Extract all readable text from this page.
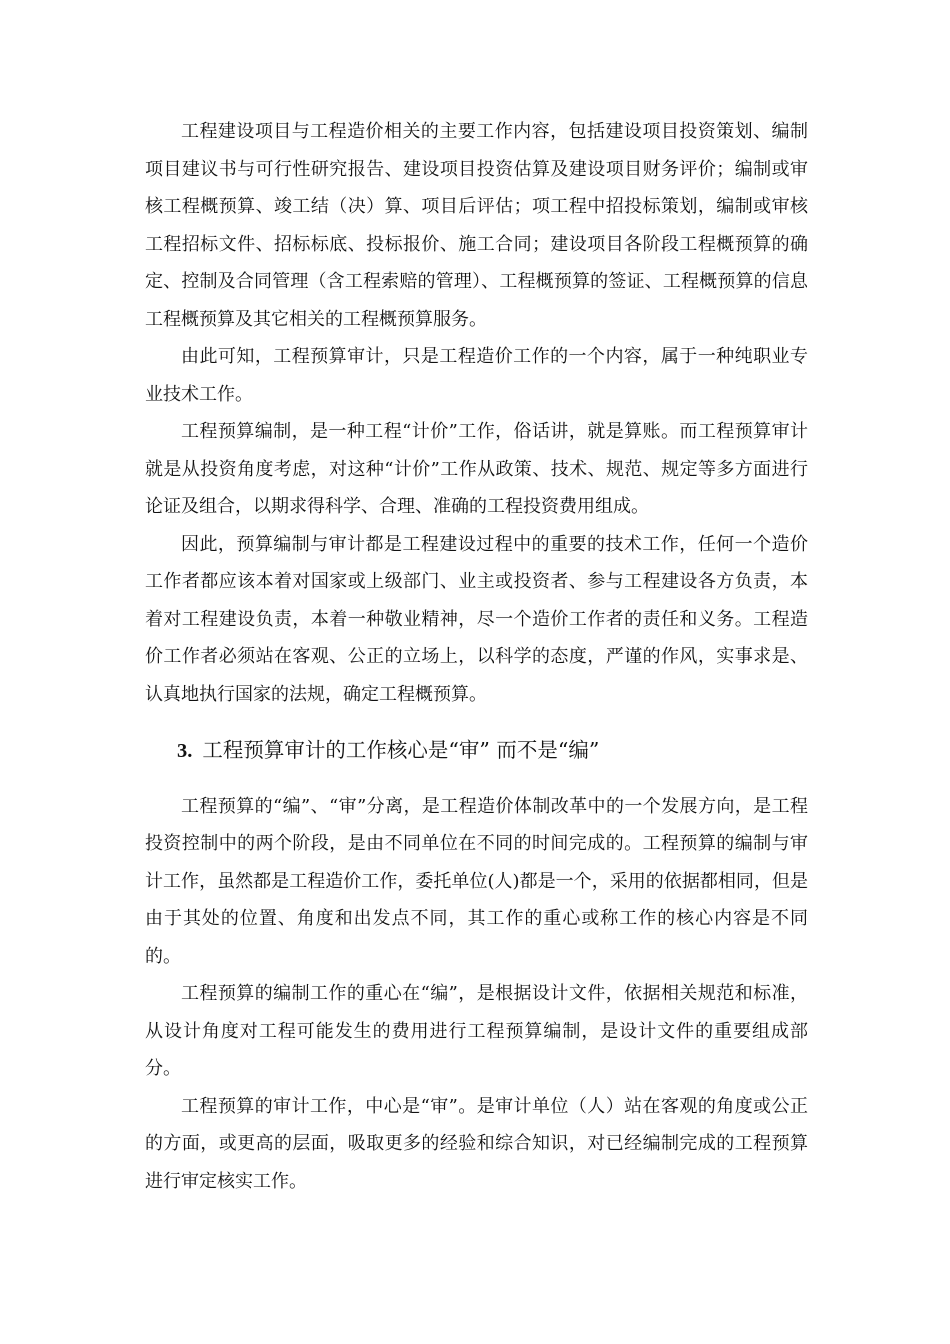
工程建设项目与工程造价相关的主要工作内容，包括建设项目投资策划、编制项目建议书与可行性研究报告、建设项目投资估算及建设项目财务评价；编制或审核工程概预算、竣工结（决）算、项目后评估；项工程中招投标策划，编制或审核工程招标文件、招标标底、投标报价、施工合同；建设项目各阶段工程概预算的确定、控制及合同管理（含工程索赔的管理）、工程概预算的签证、工程概预算的信息工程概预算及其它相关的工程概预算服务。

由此可知，工程预算审计，只是工程造价工作的一个内容，属于一种纯职业专业技术工作。

工程预算编制，是一种工程“计价”工作，俗话讲，就是算账。而工程预算审计就是从投资角度考虑，对这种“计价”工作从政策、技术、规范、规定等多方面进行论证及组合，以期求得科学、合理、准确的工程投资费用组成。

因此，预算编制与审计都是工程建设过程中的重要的技术工作，任何一个造价工作者都应该本着对国家或上级部门、业主或投资者、参与工程建设各方负责，本着对工程建设负责，本着一种敬业精神，尽一个造价工作者的责任和义务。工程造价工作者必须站在客观、公正的立场上，以科学的态度，严谨的作风，实事求是、认真地执行国家的法规，确定工程概预算。

3. 工程预算审计的工作核心是“审” 而不是“编”

工程预算的“编”、“审”分离，是工程造价体制改革中的一个发展方向，是工程投资控制中的两个阶段，是由不同单位在不同的时间完成的。工程预算的编制与审计工作，虽然都是工程造价工作，委托单位(人)都是一个，采用的依据都相同，但是由于其处的位置、角度和出发点不同，其工作的重心或称工作的核心内容是不同的。

工程预算的编制工作的重心在“编”，是根据设计文件，依据相关规范和标准，从设计角度对工程可能发生的费用进行工程预算编制，是设计文件的重要组成部分。

工程预算的审计工作，中心是“审”。是审计单位（人）站在客观的角度或公正的方面，或更高的层面，吸取更多的经验和综合知识，对已经编制完成的工程预算进行审定核实工作。
